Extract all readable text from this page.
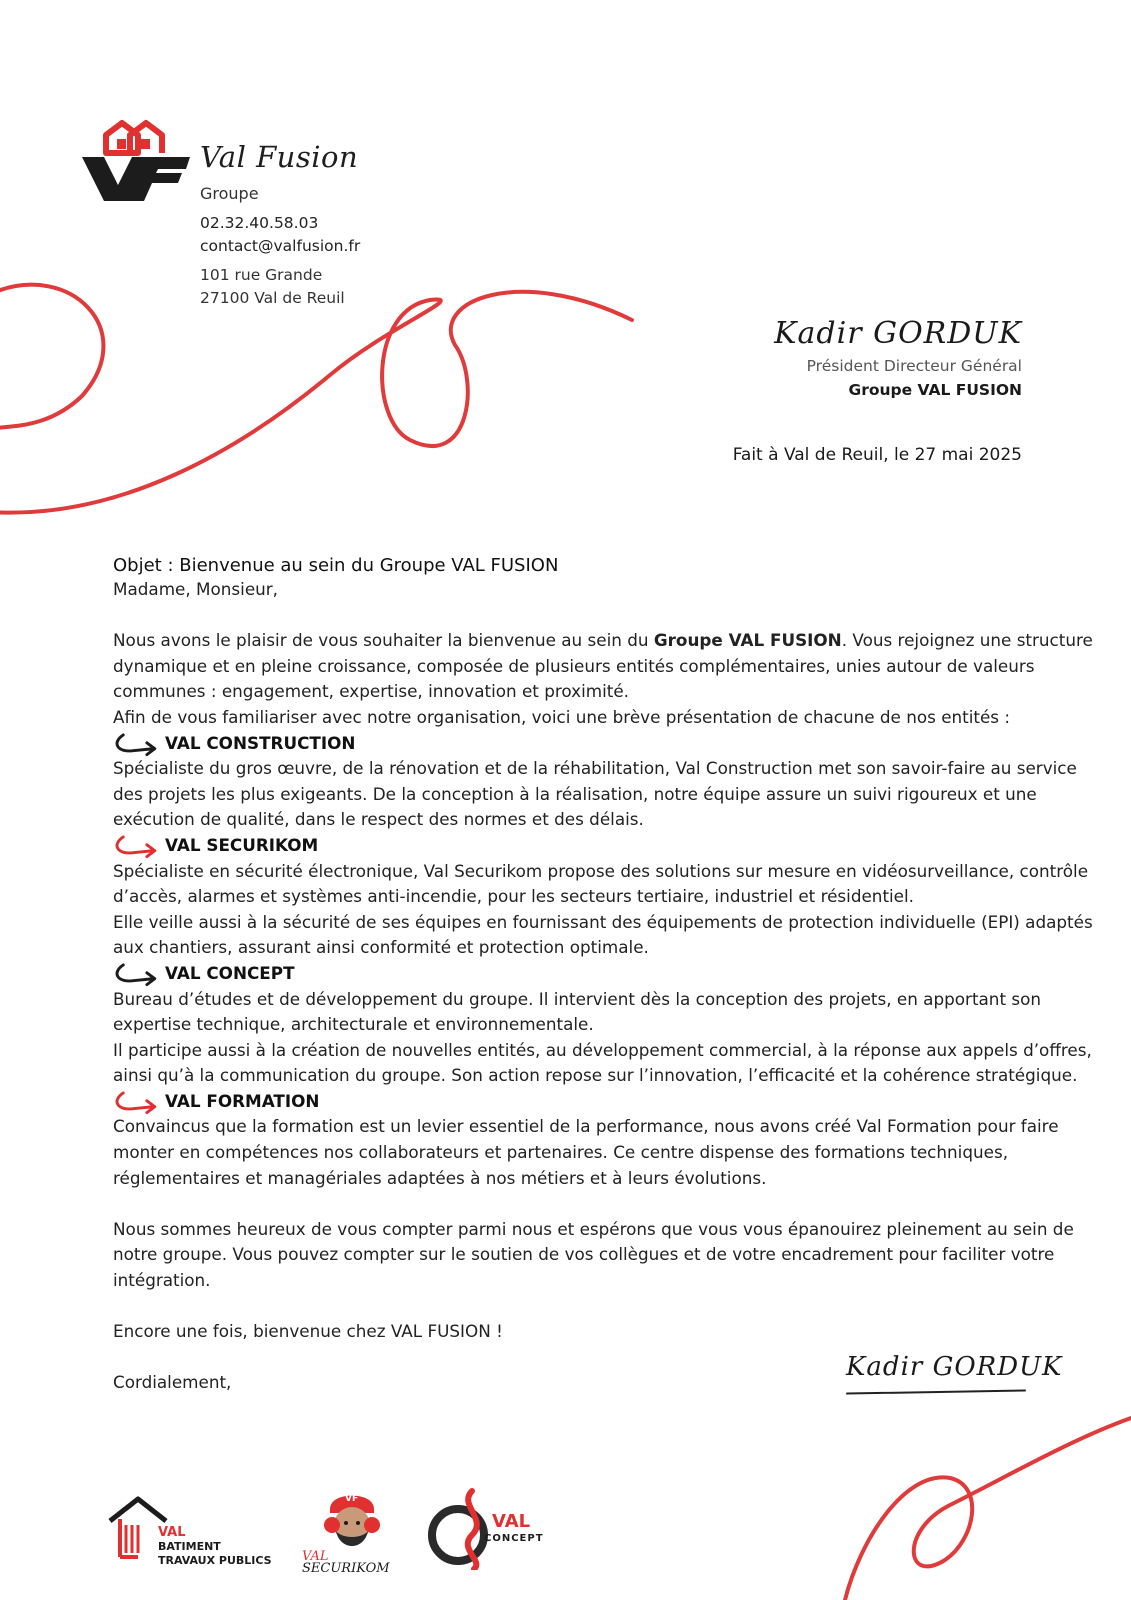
Val Fusion
Groupe
02.32.40.58.03
contact@valfusion.fr
101 rue Grande
27100 Val de Reuil
Kadir GORDUK
Président Directeur Général
Groupe VAL FUSION
Fait à Val de Reuil, le 27 mai 2025

Objet : Bienvenue au sein du Groupe VAL FUSION

Madame, Monsieur,

Nous avons le plaisir de vous souhaiter la bienvenue au sein du Groupe VAL FUSION. Vous rejoignez une structure dynamique et en pleine croissance, composée de plusieurs entités complémentaires, unies autour de valeurs communes : engagement, expertise, innovation et proximité.

Afin de vous familiariser avec notre organisation, voici une brève présentation de chacune de nos entités :

VAL CONSTRUCTION

Spécialiste du gros œuvre, de la rénovation et de la réhabilitation, Val Construction met son savoir-faire au service des projets les plus exigeants. De la conception à la réalisation, notre équipe assure un suivi rigoureux et une exécution de qualité, dans le respect des normes et des délais.

VAL SECURIKOM

Spécialiste en sécurité électronique, Val Securikom propose des solutions sur mesure en vidéosurveillance, contrôle d’accès, alarmes et systèmes anti-incendie, pour les secteurs tertiaire, industriel et résidentiel.

Elle veille aussi à la sécurité de ses équipes en fournissant des équipements de protection individuelle (EPI) adaptés aux chantiers, assurant ainsi conformité et protection optimale.

VAL CONCEPT

Bureau d’études et de développement du groupe. Il intervient dès la conception des projets, en apportant son expertise technique, architecturale et environnementale.

Il participe aussi à la création de nouvelles entités, au développement commercial, à la réponse aux appels d’offres, ainsi qu’à la communication du groupe. Son action repose sur l’innovation, l’efficacité et la cohérence stratégique.

VAL FORMATION

Convaincus que la formation est un levier essentiel de la performance, nous avons créé Val Formation pour faire monter en compétences nos collaborateurs et partenaires. Ce centre dispense des formations techniques, réglementaires et managériales adaptées à nos métiers et à leurs évolutions.

Nous sommes heureux de vous compter parmi nous et espérons que vous vous épanouirez pleinement au sein de notre groupe. Vous pouvez compter sur le soutien de vos collègues et de votre encadrement pour faciliter votre intégration.

Encore une fois, bienvenue chez VAL FUSION !

Cordialement,

Kadir GORDUK
VAL
BATIMENT
TRAVAUX PUBLICS
VF
VAL
SECURIKOM
VAL
CONCEPT
